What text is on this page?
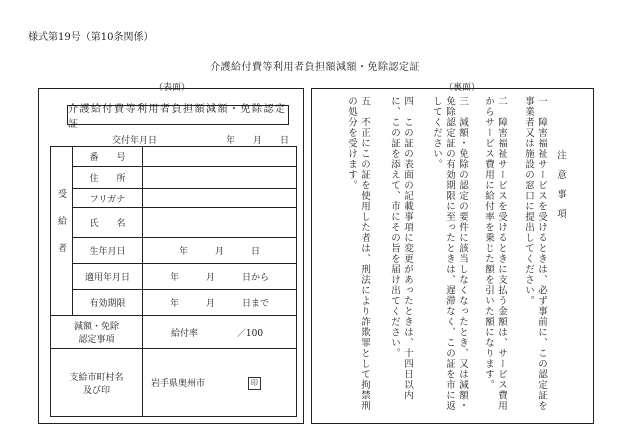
様式第19号（第10条関係）
介護給付費等利用者負担額減額・免除認定証
（表面）
介護給付費等利用者負担額減額・免除認定証
交付年月日	年　　月　　日
受給者	番　　号	
	住　　所	
	フリガナ	
	氏　　名	
	生年月日	年　　　月　　　日
	適用年月日	年　　　月　　　日から
	有効期限	年　　　月　　　日まで

減額・免除
認定事項		給付率 ／100

支給市町村名
及び印		岩手県奥州市 印
（裏面）
注意事項
一　障害福祉サービスを受けるときは、必ず事前に、この認定証を事業者又は施設の窓口に提出してください。
二　障害福祉サービスを受けるときに支払う金額は、サービス費用からサービス費用に給付率を乗じた額を引いた額になります。
三　減額・免除の認定の要件に該当しなくなったとき、又は減額・免除認定証の有効期限に至ったときは、遅滞なく、この証を市に返してください。
四　この証の表面の記載事項に変更があったときは、十四日以内に、この証を添えて、市にその旨を届け出てください。
五　不正にこの証を使用した者は、刑法により詐欺罪として拘禁刑の処分を受けます。
